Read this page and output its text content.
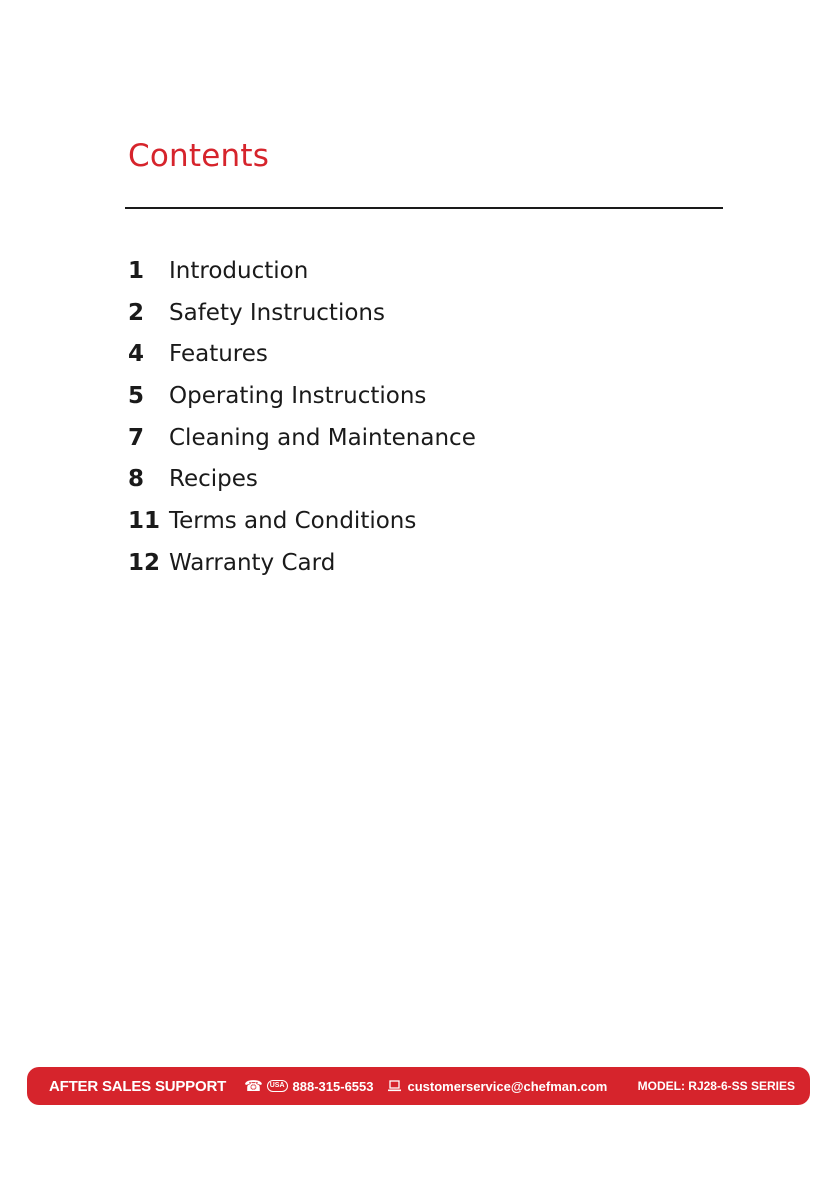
Contents
1	Introduction
2	Safety Instructions
4	Features
5	Operating Instructions
7	Cleaning and Maintenance
8	Recipes
11 Terms and Conditions
12 Warranty Card
AFTER SALES SUPPORT ☎	USA 888-315-6553	customerservice@chefman.com	MODEL: RJ28-6-SS SERIES
